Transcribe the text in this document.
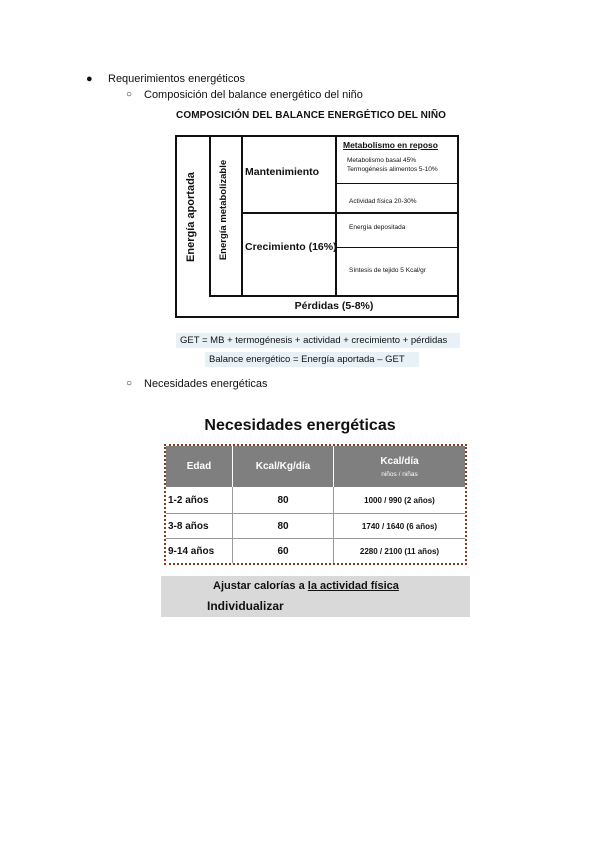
● Requerimientos energéticos
○ Composición del balance energético del niño
COMPOSICIÓN DEL BALANCE ENERGÉTICO DEL NIÑO
Energía aportada	Energía metabolizable Mantenimiento
Crecimiento (16%)
Metabolismo en reposo
Metabolismo basal 45%
Termogénesis alimentos 5-10%
Actividad física 20-30%
Energía depositada
Síntesis de tejido 5 Kcal/gr
Pérdidas (5-8%)
GET = MB + termogénesis + actividad + crecimiento + pérdidas
Balance energético = Energía aportada – GET
○ Necesidades energéticas
Necesidades energéticas
Edad	Kcal/Kg/día	Kcal/día
niños / niñas
1-2 años	80	1000 / 990 (2 años)
3-8 años	80	1740 / 1640 (6 años)
9-14 años	60	2280 / 2100 (11 años)
Ajustar calorías a la actividad física
Individualizar
